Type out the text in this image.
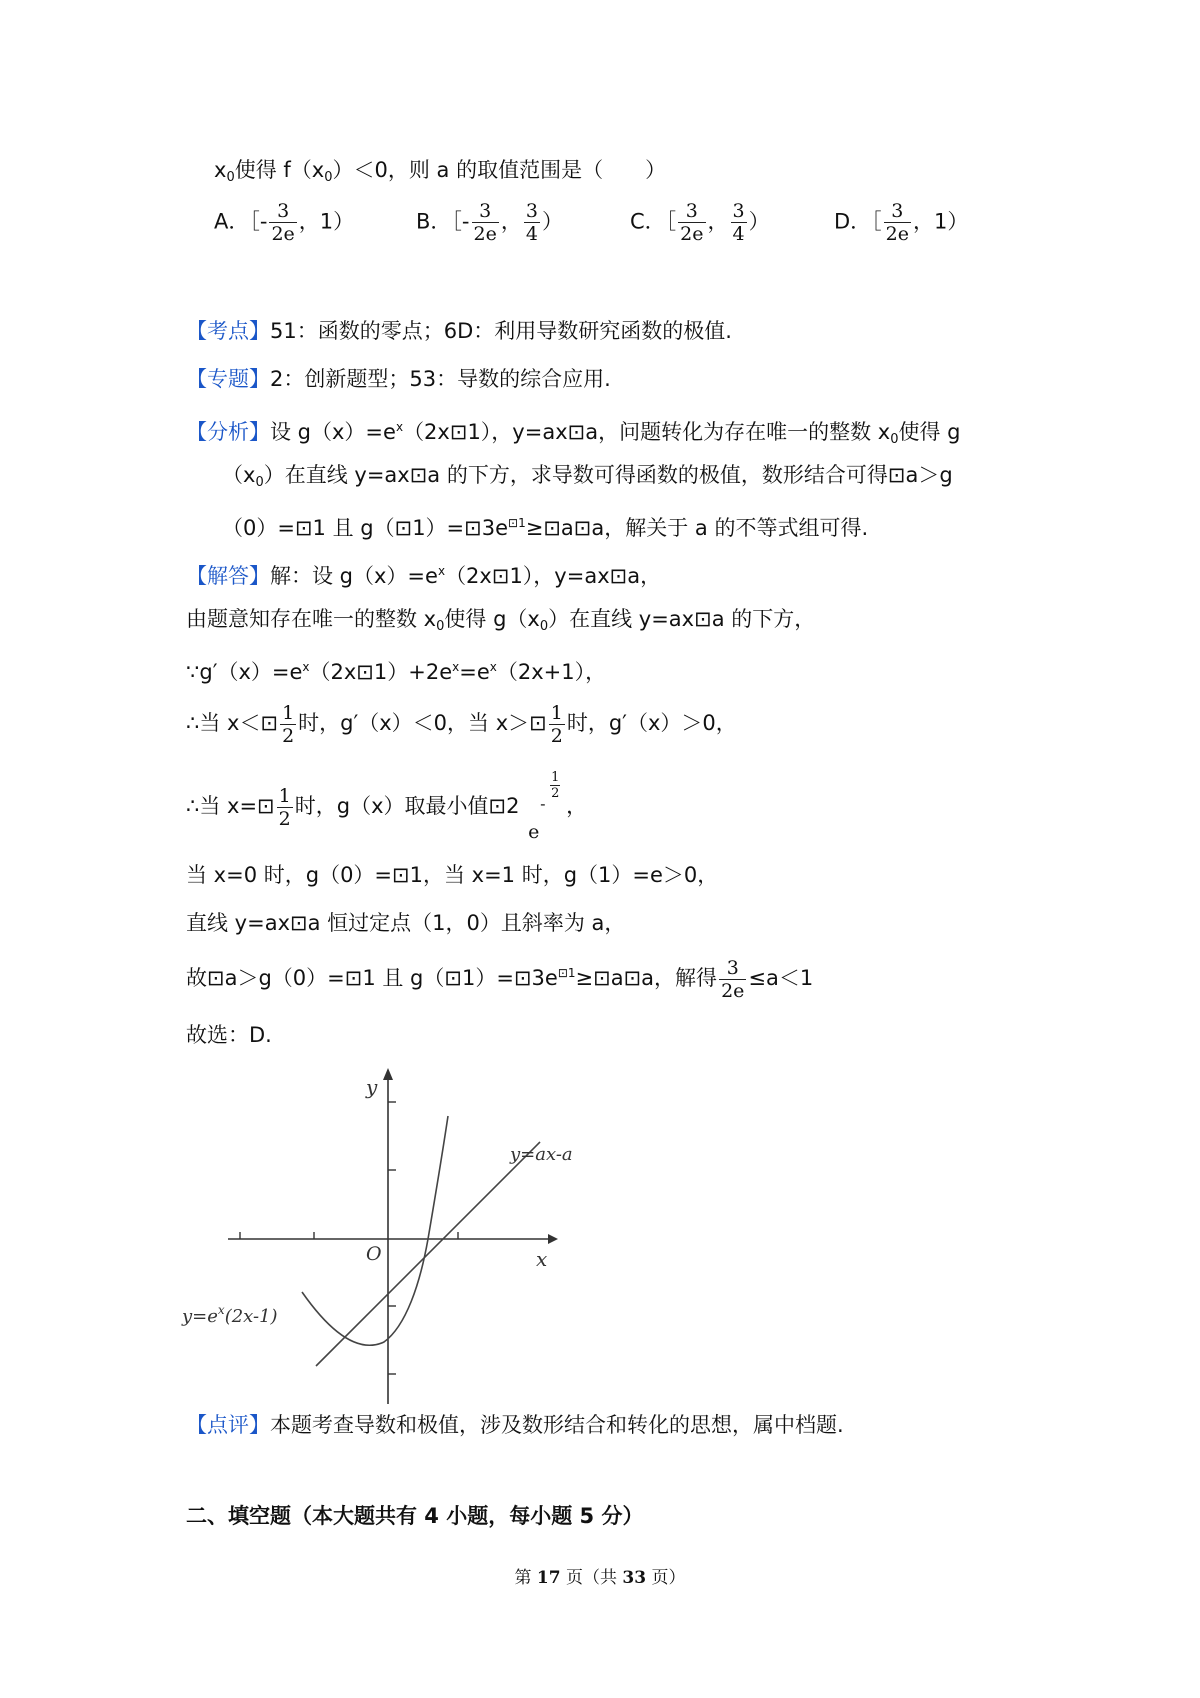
$x_0$使得 $f(x_0)<0$，则 a 的取值范围是（　　）
A．［- $\frac{3}{2e}$ ，1）	B．［- $\frac{3}{2e}$ ， $\frac{3}{4}$ ）	C．［ $\frac{3}{2e}$ ， $\frac{3}{4}$ ）	D．［ $\frac{3}{2e}$ ，1）
【考点】51：函数的零点；6D：利用导数研究函数的极值.
【专题】2：创新题型；53：导数的综合应用.
【分析】设 $g(x)=e^x(2x⊡1)$，y=ax⊡a，问题转化为存在唯一的整数 $x_0$使得 g
$(x_0)$在直线 y=ax⊡a 的下方，求导数可得函数的极值，数形结合可得⊡a＞g
（0）=⊡1 且 $g(⊡1)=⊡3e^{⊡1}\ge⊡a⊡a$，解关于 a 的不等式组可得.
【解答】解：设 $g(x)=e^x(2x⊡1)$，y=ax⊡a，
由题意知存在唯一的整数 $x_0$使得 $g(x_0)$在直线 y=ax⊡a 的下方，
$\because g'(x)=e^x(2x⊡1)+2e^x=e^x(2x+1)$，
∴当 x＜⊡ $\frac{1}{2}$ 时，g′（x）＜0，当 x＞⊡ $\frac{1}{2}$ 时，g′（x）＞0，
∴当 x=⊡ $\frac{1}{2}$ 时，g（x）取最小值⊡2
e
-
$\frac{1}{2}$
，
当 x=0 时，g（0）=⊡1，当 x=1 时，g（1）=e＞0，
直线 y=ax⊡a 恒过定点（1，0）且斜率为 a，
故⊡a＞g（0）=⊡1 且 $g(⊡1)=⊡3e^{⊡1}\ge⊡a⊡a$，解得 $\frac{3}{2e} \le a<1$
故选：D.
y
x
O
y=ax-a
$y=e^x(2x-1)$
【点评】本题考查导数和极值，涉及数形结合和转化的思想，属中档题.
二、填空题（本大题共有 4 小题，每小题 5 分）
第 17 页（共 33 页）
